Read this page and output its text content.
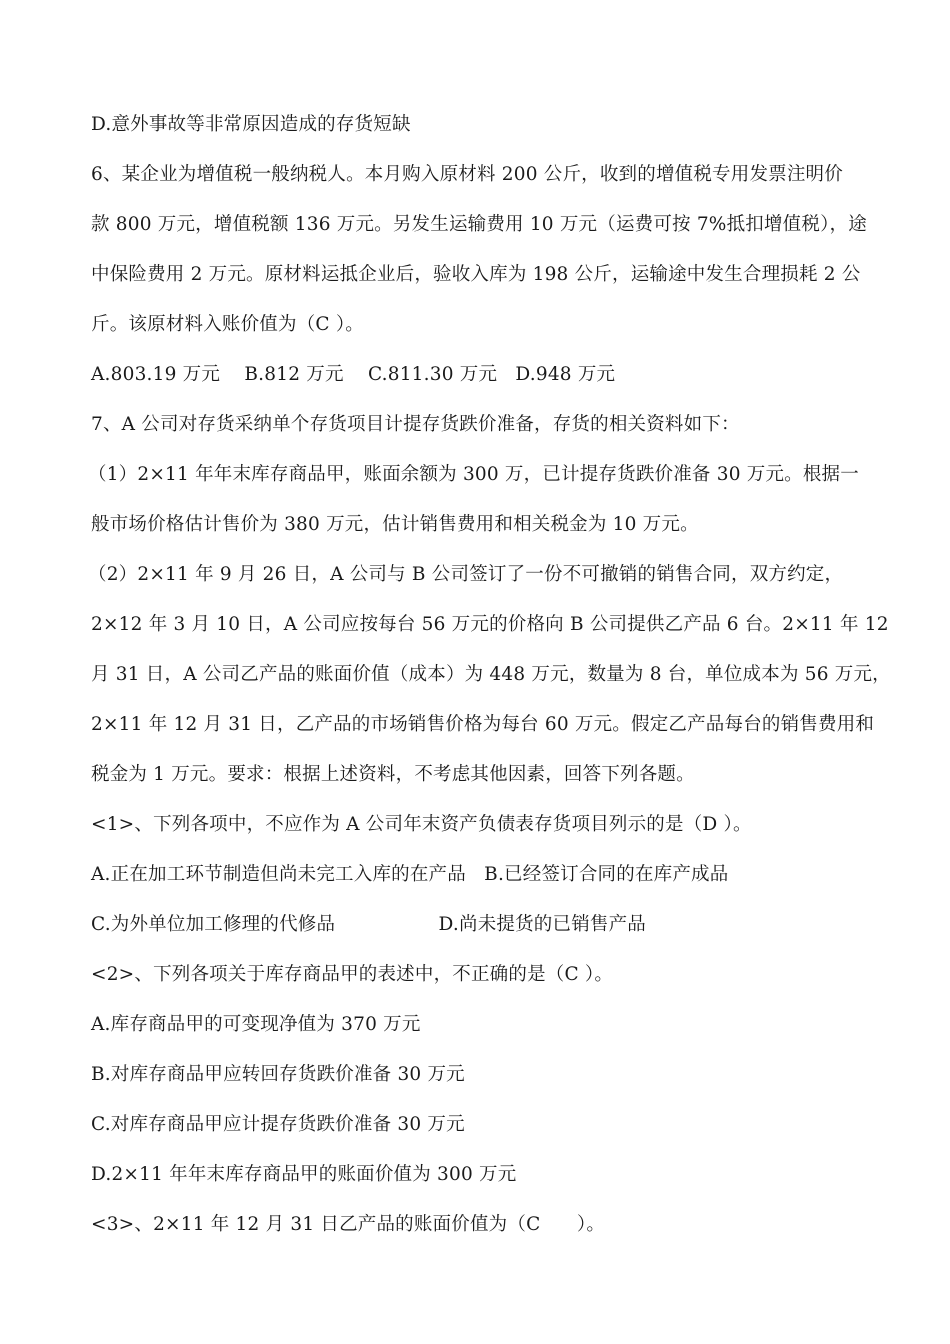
D.意外事故等非常原因造成的存货短缺
6、某企业为增值税一般纳税人。本月购入原材料 200 公斤，收到的增值税专用发票注明价
款 800 万元，增值税额 136 万元。另发生运输费用 10 万元（运费可按 7%抵扣增值税），途
中保险费用 2 万元。原材料运抵企业后，验收入库为 198 公斤，运输途中发生合理损耗 2 公
斤。该原材料入账价值为（C ）。
A.803.19 万元    B.812 万元    C.811.30 万元   D.948 万元
7、A 公司对存货采纳单个存货项目计提存货跌价准备，存货的相关资料如下：
（1）2×11 年年末库存商品甲，账面余额为 300 万，已计提存货跌价准备 30 万元。根据一
般市场价格估计售价为 380 万元，估计销售费用和相关税金为 10 万元。
（2）2×11 年 9 月 26 日，A 公司与 B 公司签订了一份不可撤销的销售合同，双方约定，
2×12 年 3 月 10 日，A 公司应按每台 56 万元的价格向 B 公司提供乙产品 6 台。2×11 年 12
月 31 日，A 公司乙产品的账面价值（成本）为 448 万元，数量为 8 台，单位成本为 56 万元，
2×11 年 12 月 31 日，乙产品的市场销售价格为每台 60 万元。假定乙产品每台的销售费用和
税金为 1 万元。要求：根据上述资料，不考虑其他因素，回答下列各题。
<1>、下列各项中，不应作为 A 公司年末资产负债表存货项目列示的是（D ）。
A.正在加工环节制造但尚未完工入库的在产品   B.已经签订合同的在库产成品
C.为外单位加工修理的代修品                 D.尚未提货的已销售产品
<2>、下列各项关于库存商品甲的表述中，不正确的是（C ）。
A.库存商品甲的可变现净值为 370 万元
B.对库存商品甲应转回存货跌价准备 30 万元
C.对库存商品甲应计提存货跌价准备 30 万元
D.2×11 年年末库存商品甲的账面价值为 300 万元
<3>、2×11 年 12 月 31 日乙产品的账面价值为（C      ）。
